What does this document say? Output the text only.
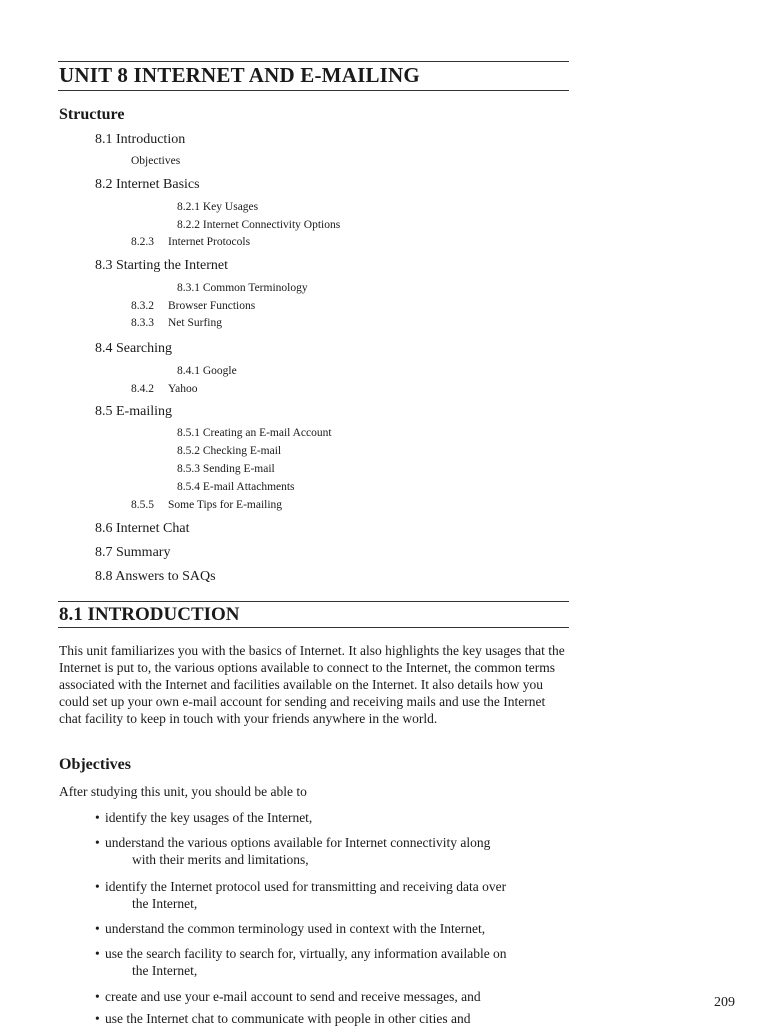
UNIT 8 INTERNET AND E-MAILING
Structure
8.1 Introduction
Objectives
8.2 Internet Basics
8.2.1 Key Usages
8.2.2 Internet Connectivity Options
8.2.3 Internet Protocols
8.3 Starting the Internet
8.3.1 Common Terminology
8.3.2 Browser Functions
8.3.3 Net Surfing
8.4 Searching
8.4.1 Google
8.4.2 Yahoo
8.5 E-mailing
8.5.1 Creating an E-mail Account
8.5.2 Checking E-mail
8.5.3 Sending E-mail
8.5.4 E-mail Attachments
8.5.5 Some Tips for E-mailing
8.6 Internet Chat
8.7 Summary
8.8 Answers to SAQs
8.1 INTRODUCTION
This unit familiarizes you with the basics of Internet. It also highlights the key usages that the Internet is put to, the various options available to connect to the Internet, the common terms associated with the Internet and facilities available on the Internet. It also details how you could set up your own e-mail account for sending and receiving mails and use the Internet chat facility to keep in touch with your friends anywhere in the world.
Objectives
After studying this unit, you should be able to
• identify the key usages of the Internet,
• understand the various options available for Internet connectivity along
with their merits and limitations,
• identify the Internet protocol used for transmitting and receiving data over
the Internet,
• understand the common terminology used in context with the Internet,
• use the search facility to search for, virtually, any information available on
the Internet,
• create and use your e-mail account to send and receive messages, and
• use the Internet chat to communicate with people in other cities and
209
